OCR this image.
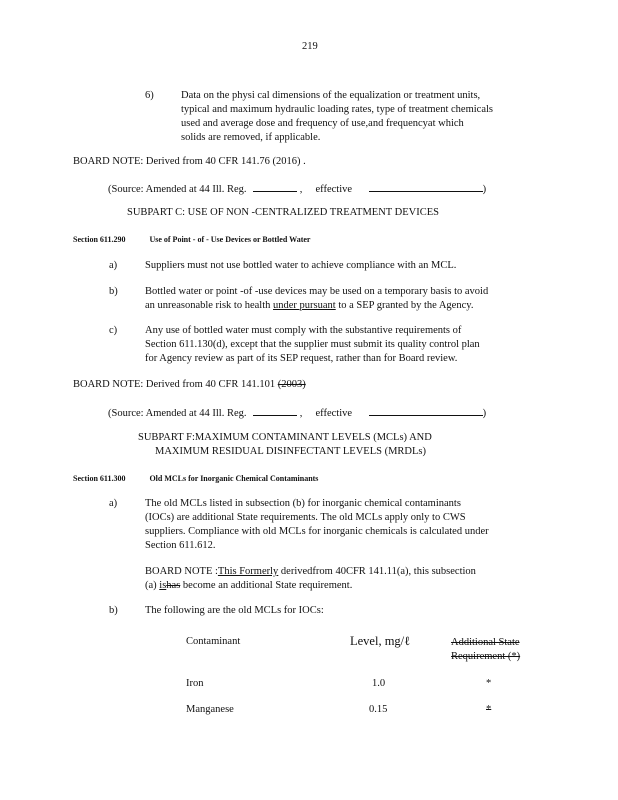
219
6)	Data on the physi cal dimensions of the equalization or treatment units,
typical and maximum hydraulic loading rates, type of treatment chemicals
used and average dose and frequency of use,and frequencyat which
solids are removed, if applicable.
BOARD NOTE: Derived from 40 CFR 141.76 (2016) .
(Source: Amended at 44 Ill. Reg.	,     effective	)
SUBPART C: USE OF NON -CENTRALIZED TREATMENT DEVICES
Section 611.290	Use of Point - of - Use Devices or Bottled Water
a)	Suppliers must not use bottled water to achieve compliance with an MCL.
b)	Bottled water or point -of -use devices may be used on a temporary basis to avoid
an unreasonable risk to health under pursuant to a SEP granted by the Agency.
c)	Any use of bottled water must comply with the substantive requirements of
Section 611.130(d), except that the supplier must submit its quality control plan
for Agency review as part of its SEP request, rather than for Board review.
BOARD NOTE: Derived from 40 CFR 141.101 (2003)
(Source: Amended at 44 Ill. Reg.	,     effective	)
SUBPART F:MAXIMUM CONTAMINANT LEVELS (MCLs) AND
MAXIMUM RESIDUAL DISINFECTANT LEVELS (MRDLs)
Section 611.300	Old MCLs for Inorganic Chemical Contaminants
a)	The old MCLs listed in subsection (b) for inorganic chemical contaminants
(IOCs) are additional State requirements. The old MCLs apply only to CWS
suppliers. Compliance with old MCLs for inorganic chemicals is calculated under
Section 611.612.
BOARD NOTE :This Formerly derivedfrom 40CFR 141.11(a), this subsection
(a) ishas become an additional State requirement.
b)	The following are the old MCLs for IOCs:
Contaminant	Level, mg/ℓ	Additional State
Requirement (*)
Iron	1.0	*
Manganese	0.15	*
